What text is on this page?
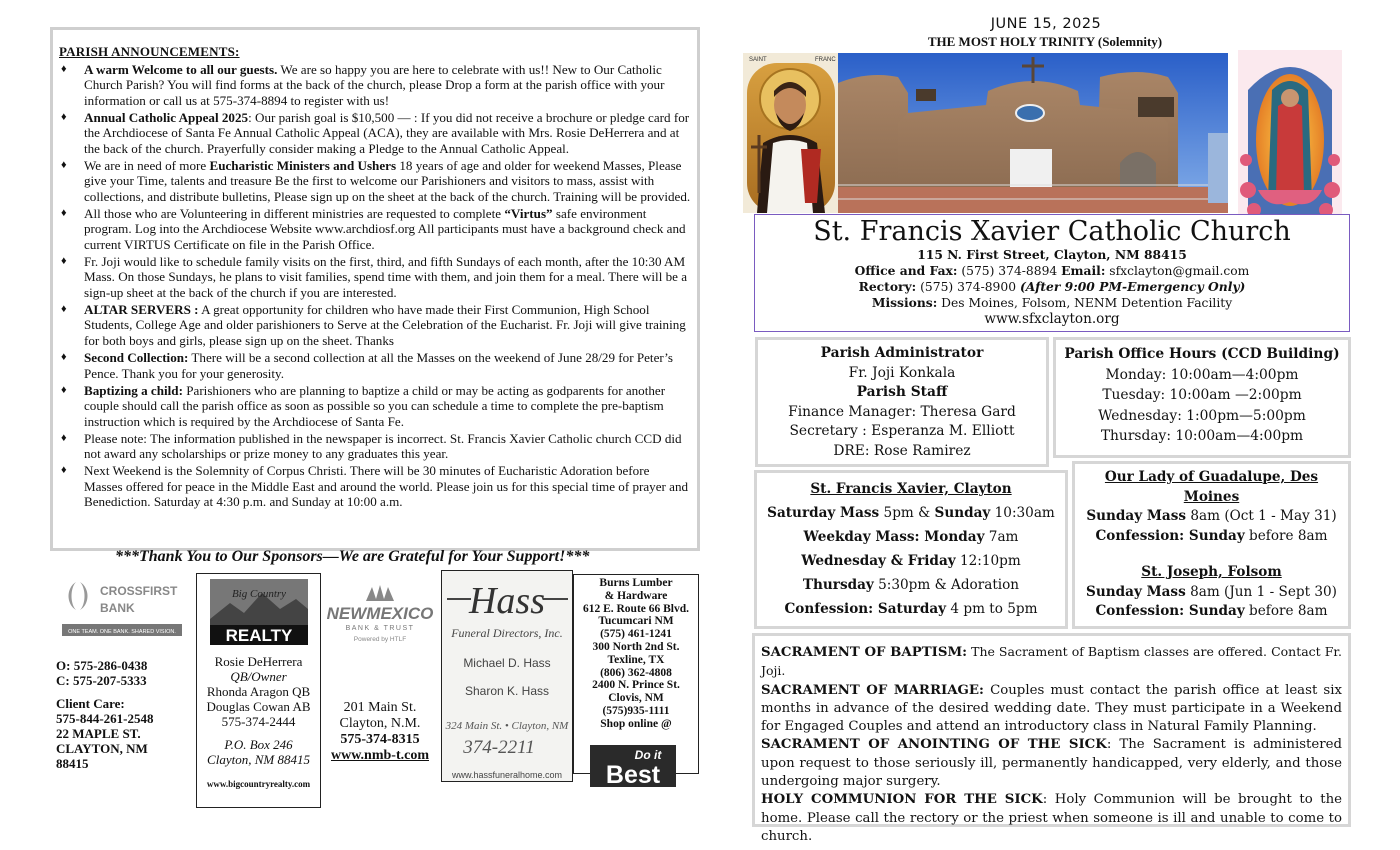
PARISH ANNOUNCEMENTS:
♦ A warm Welcome to all our guests. We are so happy you are here to celebrate with us!! New to Our Catholic Church Parish? You will find forms at the back of the church, please Drop a form at the parish office with your information or call us at 575-374-8894 to register with us!
♦ Annual Catholic Appeal 2025: Our parish goal is $10,500 — : If you did not receive a brochure or pledge card for the Archdiocese of Santa Fe Annual Catholic Appeal (ACA), they are available with Mrs. Rosie DeHerrera and at the back of the church. Prayerfully consider making a Pledge to the Annual Catholic Appeal.
♦ We are in need of more Eucharistic Ministers and Ushers 18 years of age and older for weekend Masses, Please give your Time, talents and treasure Be the first to welcome our Parishioners and visitors to mass, assist with collections, and distribute bulletins, Please sign up on the sheet at the back of the church. Training will be provided.
♦ All those who are Volunteering in different ministries are requested to complete “Virtus” safe environment program. Log into the Archdiocese Website www.archdiosf.org All participants must have a background check and current VIRTUS Certificate on file in the Parish Office.
♦ Fr. Joji would like to schedule family visits on the first, third, and fifth Sundays of each month, after the 10:30 AM Mass. On those Sundays, he plans to visit families, spend time with them, and join them for a meal. There will be a sign-up sheet at the back of the church if you are interested.
♦ ALTAR SERVERS : A great opportunity for children who have made their First Communion, High School Students, College Age and older parishioners to Serve at the Celebration of the Eucharist. Fr. Joji will give training for both boys and girls, please sign up on the sheet. Thanks
♦ Second Collection: There will be a second collection at all the Masses on the weekend of June 28/29 for Peter’s Pence. Thank you for your generosity.
♦ Baptizing a child: Parishioners who are planning to baptize a child or may be acting as godparents for another couple should call the parish office as soon as possible so you can schedule a time to complete the pre-baptism instruction which is required by the Archdiocese of Santa Fe.
♦ Please note: The information published in the newspaper is incorrect. St. Francis Xavier Catholic church CCD did not award any scholarships or prize money to any graduates this year.
♦ Next Weekend is the Solemnity of Corpus Christi. There will be 30 minutes of Eucharistic Adoration before Masses offered for peace in the Middle East and around the world. Please join us for this special time of prayer and Benediction. Saturday at 4:30 p.m. and Sunday at 10:00 a.m.
***Thank You to Our Sponsors—We are Grateful for Your Support!***
CROSSFIRST
BANK
ONE TEAM. ONE BANK. SHARED VISION.
O: 575-286-0438
C: 575-207-5333
Client Care:
575-844-261-2548
22 MAPLE ST.
CLAYTON, NM
88415
Big Country
REALTY
Rosie DeHerrera
QB/Owner
Rhonda Aragon QB
Douglas Cowan AB
575-374-2444
P.O. Box 246
Clayton, NM 88415
www.bigcountryrealty.com
NEWMEXICO
BANK & TRUST
Powered by HTLF
201 Main St.
Clayton, N.M.
575-374-8315
www.nmb-t.com
Hass
Funeral Directors, Inc.
Michael D. Hass
Sharon K. Hass
324 Main St. • Clayton, NM
374-2211
www.hassfuneralhome.com
Burns Lumber
& Hardware
612 E. Route 66 Blvd.
Tucumcari NM
(575) 461-1241
300 North 2nd St.
Texline, TX
(806) 362-4808
2400 N. Prince St.
Clovis, NM
(575)935-1111
Shop online @
Do it
Best
JUNE 15, 2025
THE MOST HOLY TRINITY (Solemnity)
SAINT	FRANC
St. Francis Xavier Catholic Church
115 N. First Street, Clayton, NM 88415
Office and Fax: (575) 374-8894 Email: sfxclayton@gmail.com
Rectory: (575) 374-8900 (After 9:00 PM-Emergency Only)
Missions: Des Moines, Folsom, NENM Detention Facility
www.sfxclayton.org
Parish Administrator
Fr. Joji Konkala
Parish Staff
Finance Manager: Theresa Gard
Secretary : Esperanza M. Elliott
DRE: Rose Ramirez
Parish Office Hours (CCD Building)
Monday: 10:00am—4:00pm
Tuesday: 10:00am —2:00pm
Wednesday: 1:00pm—5:00pm
Thursday: 10:00am—4:00pm
St. Francis Xavier, Clayton
Saturday Mass 5pm & Sunday 10:30am
Weekday Mass: Monday 7am
Wednesday & Friday 12:10pm
Thursday 5:30pm & Adoration
Confession: Saturday 4 pm to 5pm
Our Lady of Guadalupe, Des Moines
Sunday Mass 8am (Oct 1 - May 31)
Confession: Sunday before 8am
St. Joseph, Folsom
Sunday Mass 8am (Jun 1 - Sept 30)
Confession: Sunday before 8am
SACRAMENT OF BAPTISM: The Sacrament of Baptism classes are offered. Contact Fr. Joji.
SACRAMENT OF MARRIAGE: Couples must contact the parish office at least six months in advance of the desired wedding date. They must participate in a Weekend for Engaged Couples and attend an introductory class in Natural Family Planning.
SACRAMENT OF ANOINTING OF THE SICK: The Sacrament is administered upon request to those seriously ill, permanently handicapped, very elderly, and those undergoing major surgery.
HOLY COMMUNION FOR THE SICK: Holy Communion will be brought to the home. Please call the rectory or the priest when someone is ill and unable to come to church.
